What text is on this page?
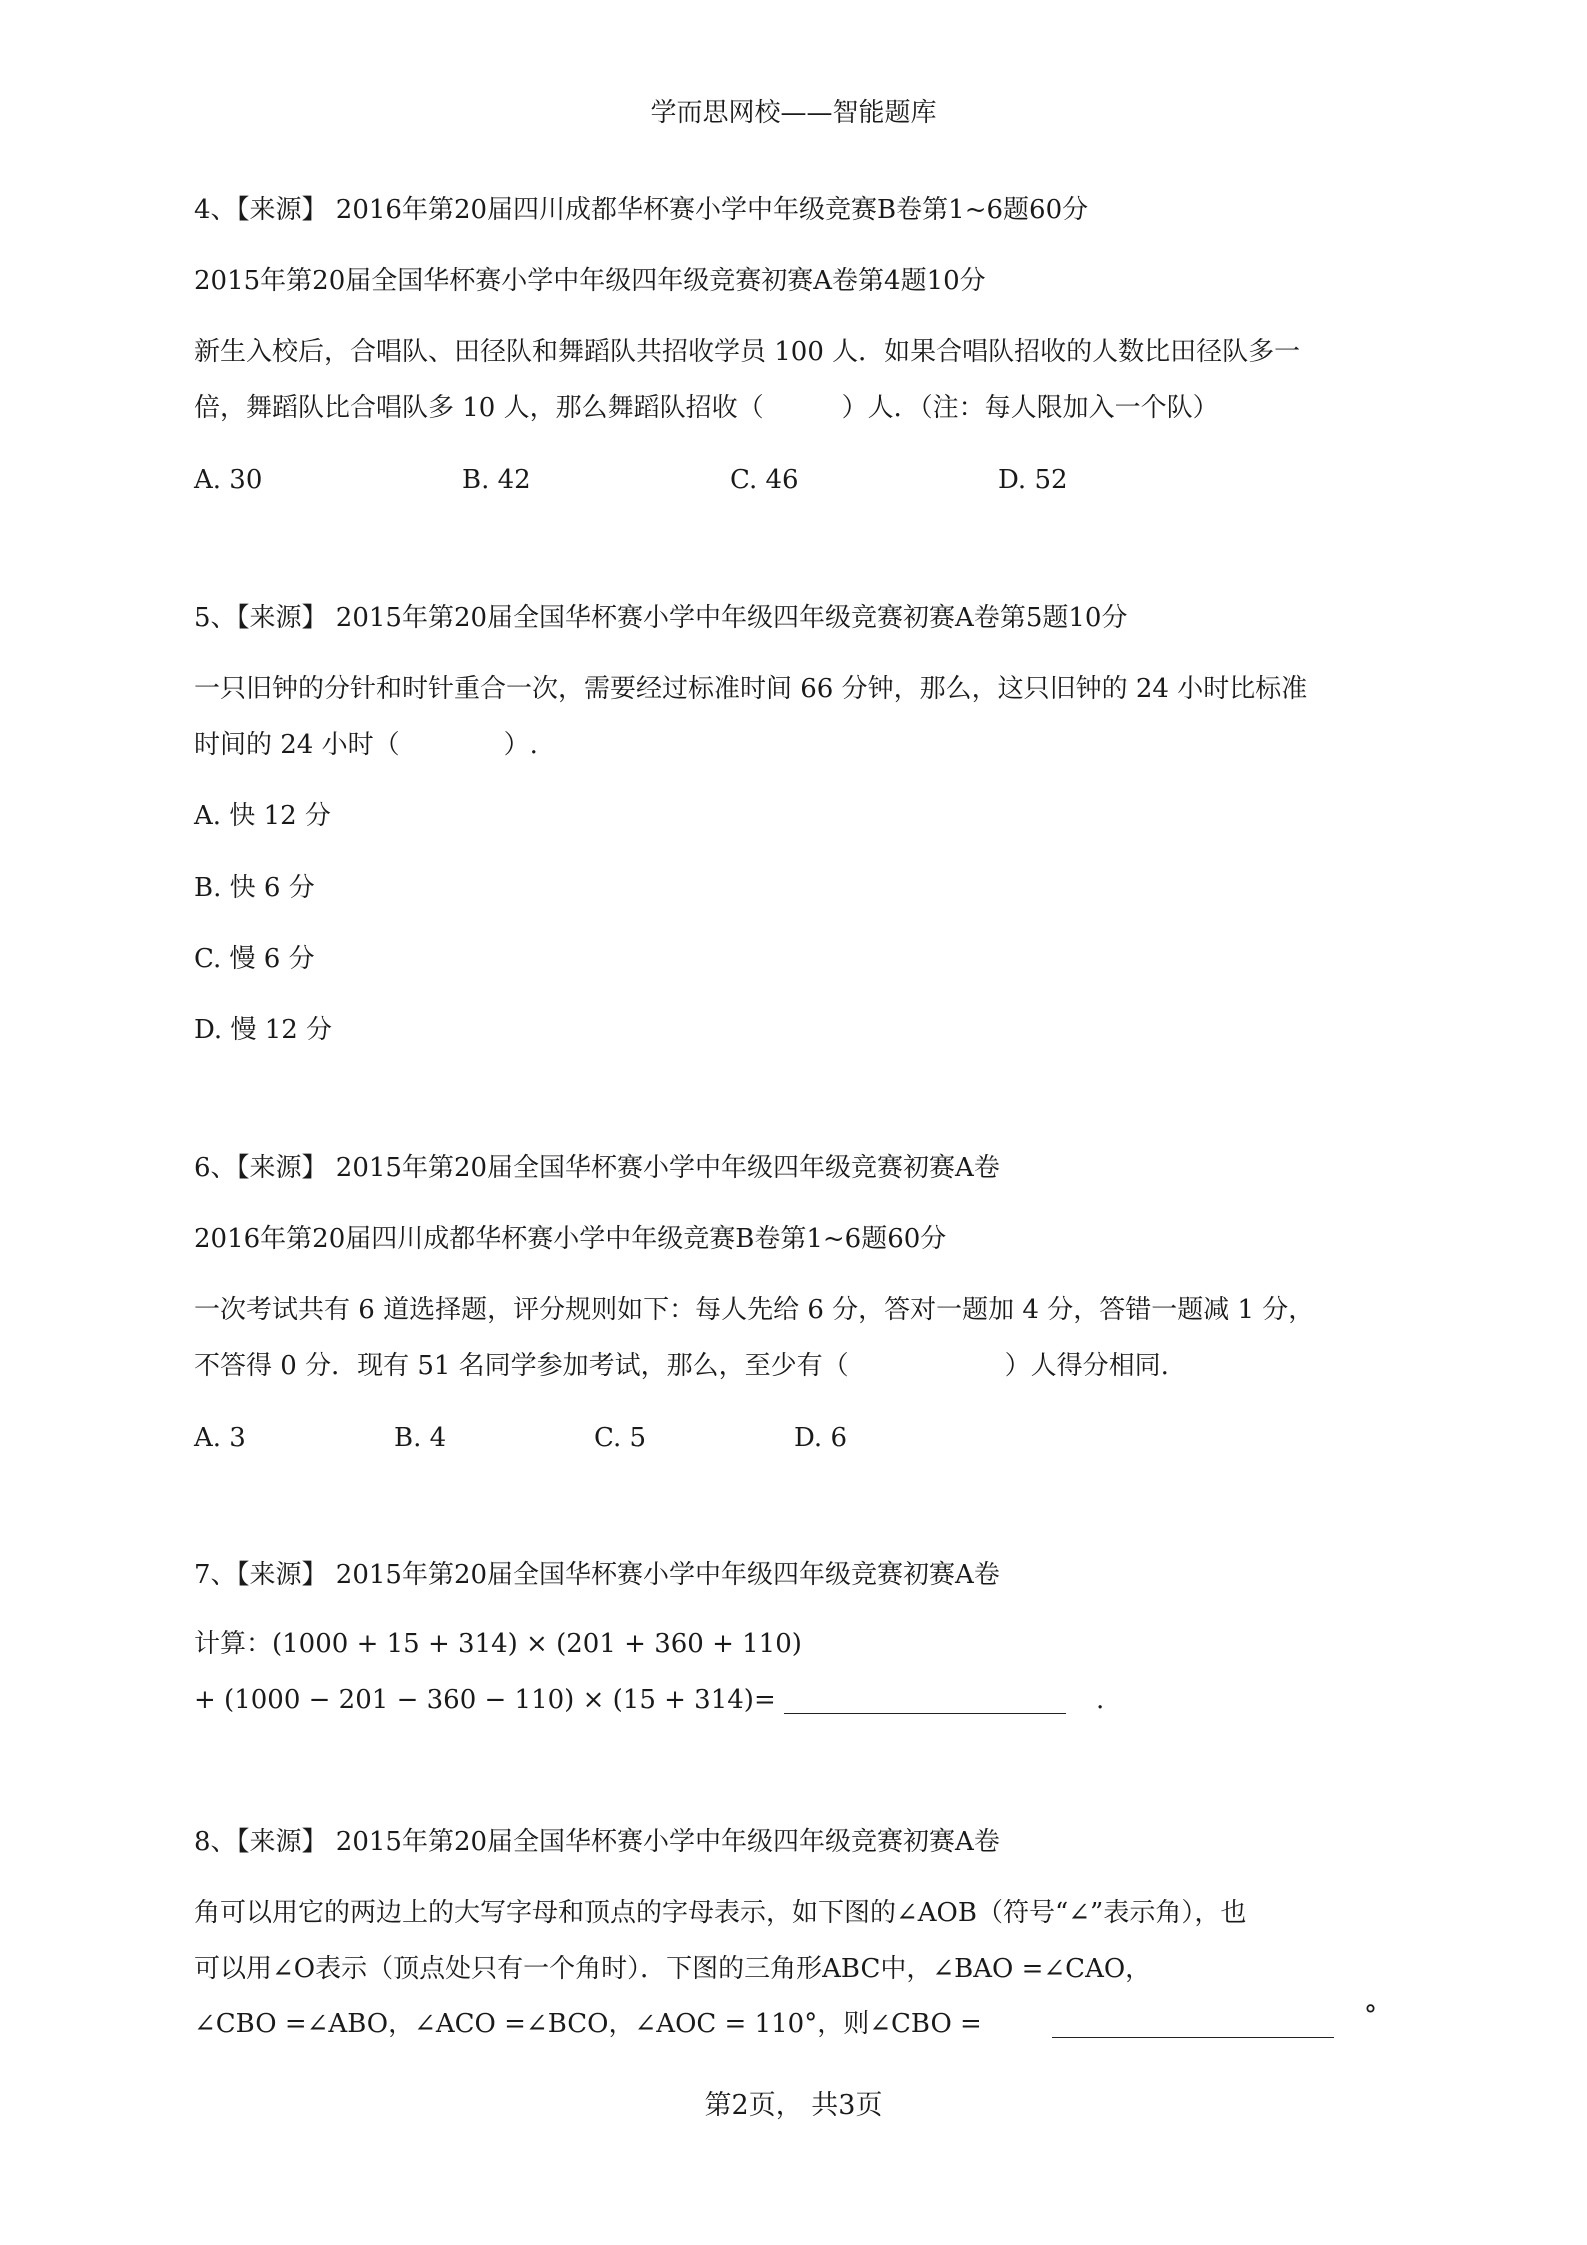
学而思网校——智能题库
4、【来源】 2016年第20届四川成都华杯赛小学中年级竞赛B卷第1~6题60分
2015年第20届全国华杯赛小学中年级四年级竞赛初赛A卷第4题10分
新生入校后，合唱队、田径队和舞蹈队共招收学员 100 人．如果合唱队招收的人数比田径队多一
倍，舞蹈队比合唱队多 10 人，那么舞蹈队招收（　　　）人．（注：每人限加入一个队）
A. 30	B. 42	C. 46	D. 52
5、【来源】 2015年第20届全国华杯赛小学中年级四年级竞赛初赛A卷第5题10分
一只旧钟的分针和时针重合一次，需要经过标准时间 66 分钟，那么，这只旧钟的 24 小时比标准
时间的 24 小时（　　　　）.
A. 快 12 分
B. 快 6 分
C. 慢 6 分
D. 慢 12 分
6、【来源】 2015年第20届全国华杯赛小学中年级四年级竞赛初赛A卷
2016年第20届四川成都华杯赛小学中年级竞赛B卷第1~6题60分
一次考试共有 6 道选择题，评分规则如下：每人先给 6 分，答对一题加 4 分，答错一题减 1 分，
不答得 0 分．现有 51 名同学参加考试，那么，至少有（　　　　　　）人得分相同.
A. 3	B. 4	C. 5	D. 6
7、【来源】 2015年第20届全国华杯赛小学中年级四年级竞赛初赛A卷
计算：(1000 + 15 + 314) × (201 + 360 + 110)
+ (1000 − 201 − 360 − 110) × (15 + 314)=	.
8、【来源】 2015年第20届全国华杯赛小学中年级四年级竞赛初赛A卷
角可以用它的两边上的大写字母和顶点的字母表示，如下图的∠AOB（符号“∠”表示角），也
可以用∠O表示（顶点处只有一个角时）．下图的三角形ABC中，∠BAO =∠CAO，
∠CBO =∠ABO，∠ACO =∠BCO，∠AOC = 110°，则∠CBO =	°
第2页， 共3页
